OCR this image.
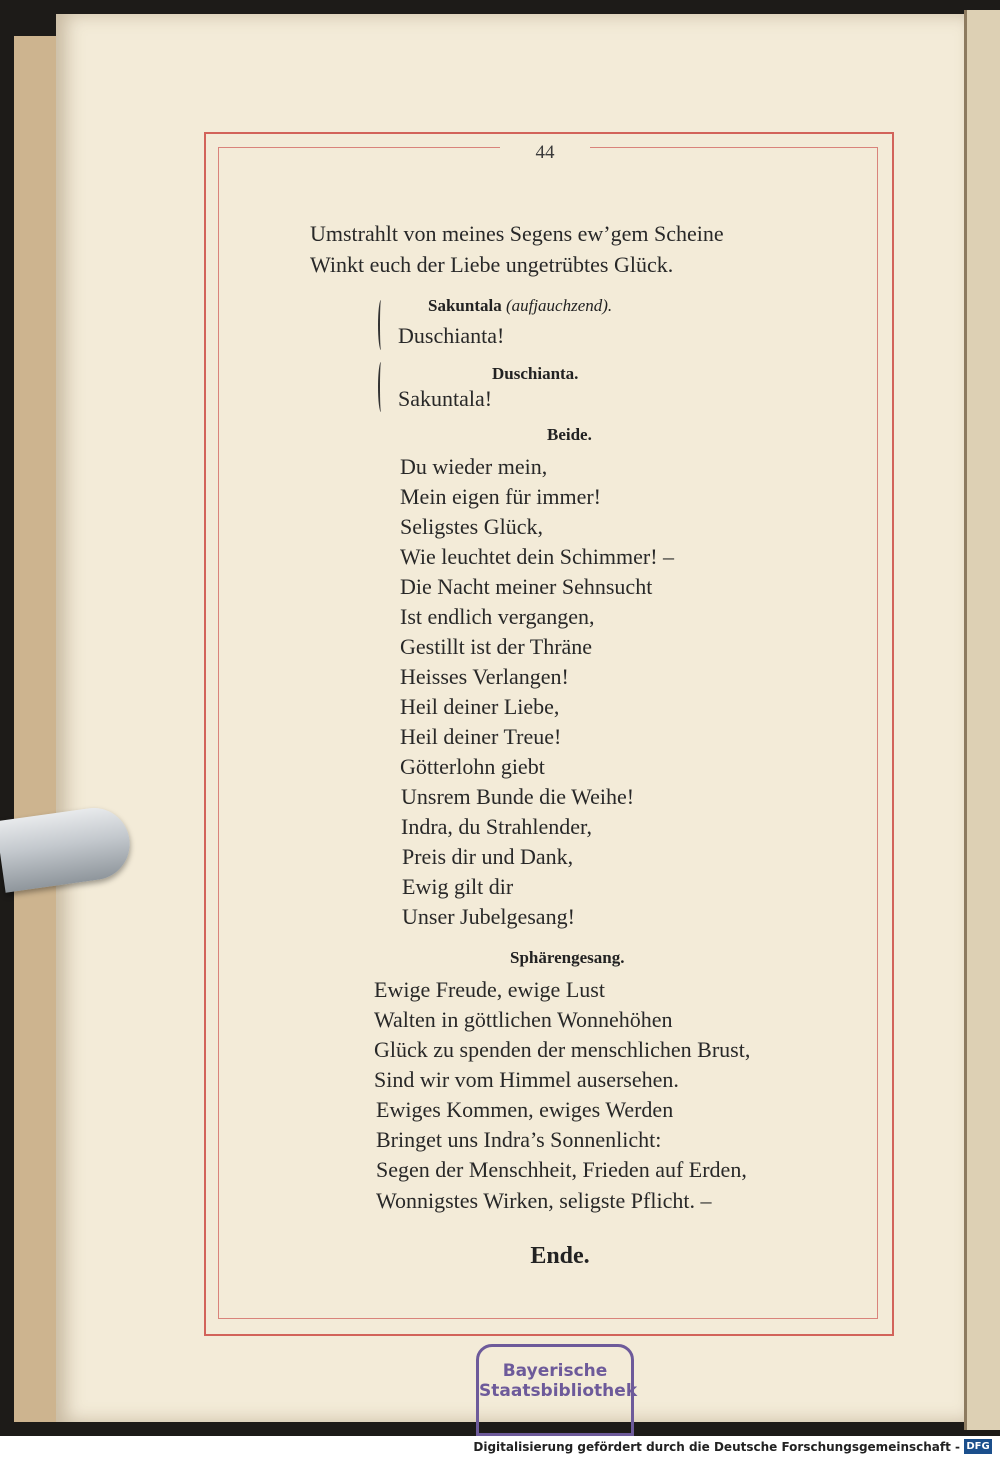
44
Umstrahlt von meines Segens ew’gem Scheine
Winkt euch der Liebe ungetrübtes Glück.
Sakuntala (aufjauchzend).
Duschianta!
Duschianta.
Sakuntala!
Beide.
Du wieder mein,
Mein eigen für immer!
Seligstes Glück,
Wie leuchtet dein Schimmer! –
Die Nacht meiner Sehnsucht
Ist endlich vergangen,
Gestillt ist der Thräne
Heisses Verlangen!
Heil deiner Liebe,
Heil deiner Treue!
Götterlohn giebt
Unsrem Bunde die Weihe!
Indra, du Strahlender,
Preis dir und Dank,
Ewig gilt dir
Unser Jubelgesang!
Sphärengesang.
Ewige Freude, ewige Lust
Walten in göttlichen Wonnehöhen
Glück zu spenden der menschlichen Brust,
Sind wir vom Himmel ausersehen.
Ewiges Kommen, ewiges Werden
Bringet uns Indra’s Sonnenlicht:
Segen der Menschheit, Frieden auf Erden,
Wonnigstes Wirken, seligste Pflicht. –
Ende.
Bayerische
Staatsbibliothek
Digitalisierung gefördert durch die Deutsche Forschungsgemeinschaft - DFG
